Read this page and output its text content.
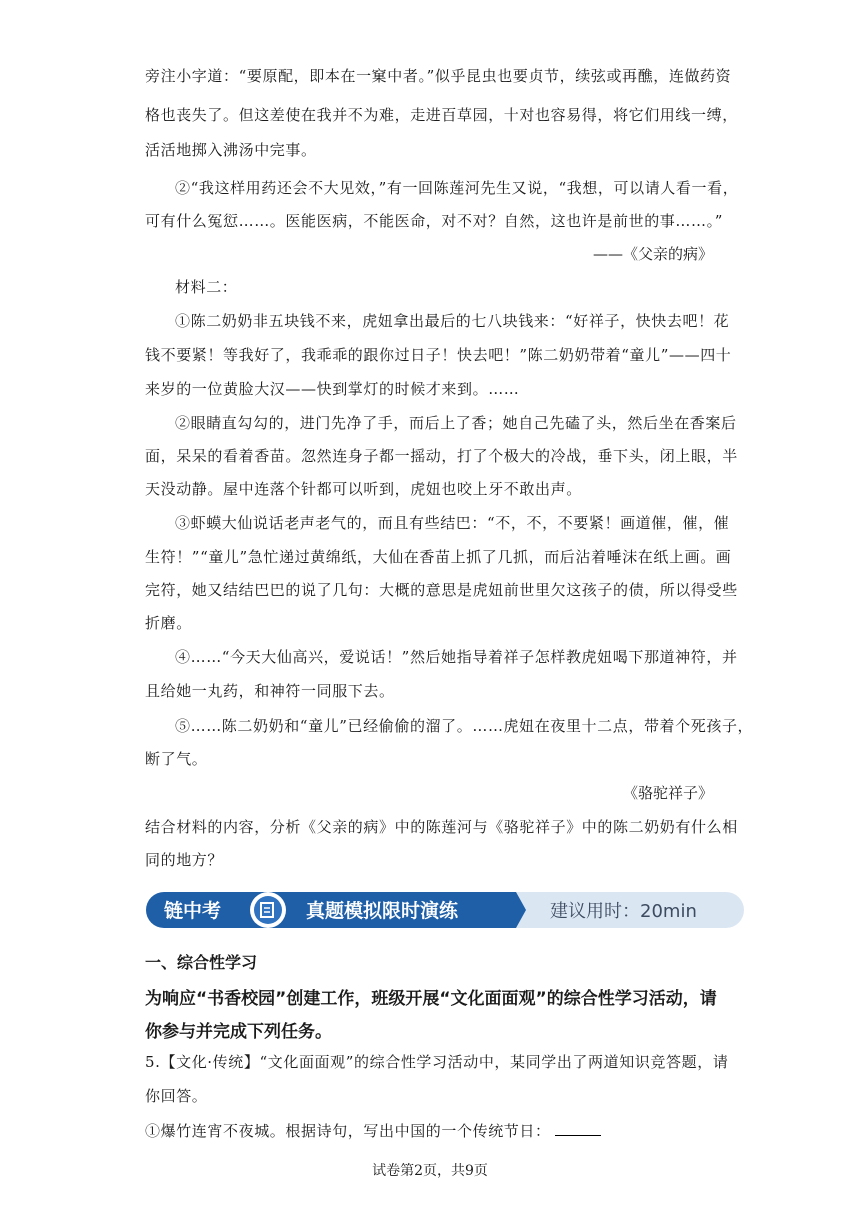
旁注小字道：“要原配，即本在一窠中者。”似乎昆虫也要贞节，续弦或再醮，连做药资
格也丧失了。但这差使在我并不为难，走进百草园，十对也容易得，将它们用线一缚，
活活地掷入沸汤中完事。
②“我这样用药还会不大见效，”有一回陈莲河先生又说，“我想，可以请人看一看，
可有什么冤愆……。医能医病，不能医命，对不对？自然，这也许是前世的事……。”
——《父亲的病》
材料二：
①陈二奶奶非五块钱不来，虎妞拿出最后的七八块钱来：“好祥子，快快去吧！花
钱不要紧！等我好了，我乖乖的跟你过日子！快去吧！”陈二奶奶带着“童儿”——四十
来岁的一位黄脸大汉——快到掌灯的时候才来到。……
②眼睛直勾勾的，进门先净了手，而后上了香；她自己先磕了头，然后坐在香案后
面，呆呆的看着香苗。忽然连身子都一摇动，打了个极大的冷战，垂下头，闭上眼，半
天没动静。屋中连落个针都可以听到，虎妞也咬上牙不敢出声。
③虾蟆大仙说话老声老气的，而且有些结巴：“不，不，不要紧！画道催，催，催
生符！”“童儿”急忙递过黄绵纸，大仙在香苗上抓了几抓，而后沾着唾沫在纸上画。画
完符，她又结结巴巴的说了几句：大概的意思是虎妞前世里欠这孩子的债，所以得受些
折磨。
④……“今天大仙高兴，爱说话！”然后她指导着祥子怎样教虎妞喝下那道神符，并
且给她一丸药，和神符一同服下去。
⑤……陈二奶奶和“童儿”已经偷偷的溜了。……虎妞在夜里十二点，带着个死孩子，
断了气。
《骆驼祥子》
结合材料的内容，分析《父亲的病》中的陈莲河与《骆驼祥子》中的陈二奶奶有什么相
同的地方？
链中考	真题模拟限时演练	建议用时：20min
一、综合性学习
为响应“书香校园”创建工作，班级开展“文化面面观”的综合性学习活动，请
你参与并完成下列任务。
5.【文化·传统】“文化面面观”的综合性学习活动中，某同学出了两道知识竞答题，请
你回答。
①爆竹连宵不夜城。根据诗句，写出中国的一个传统节日：
试卷第2页，共9页
